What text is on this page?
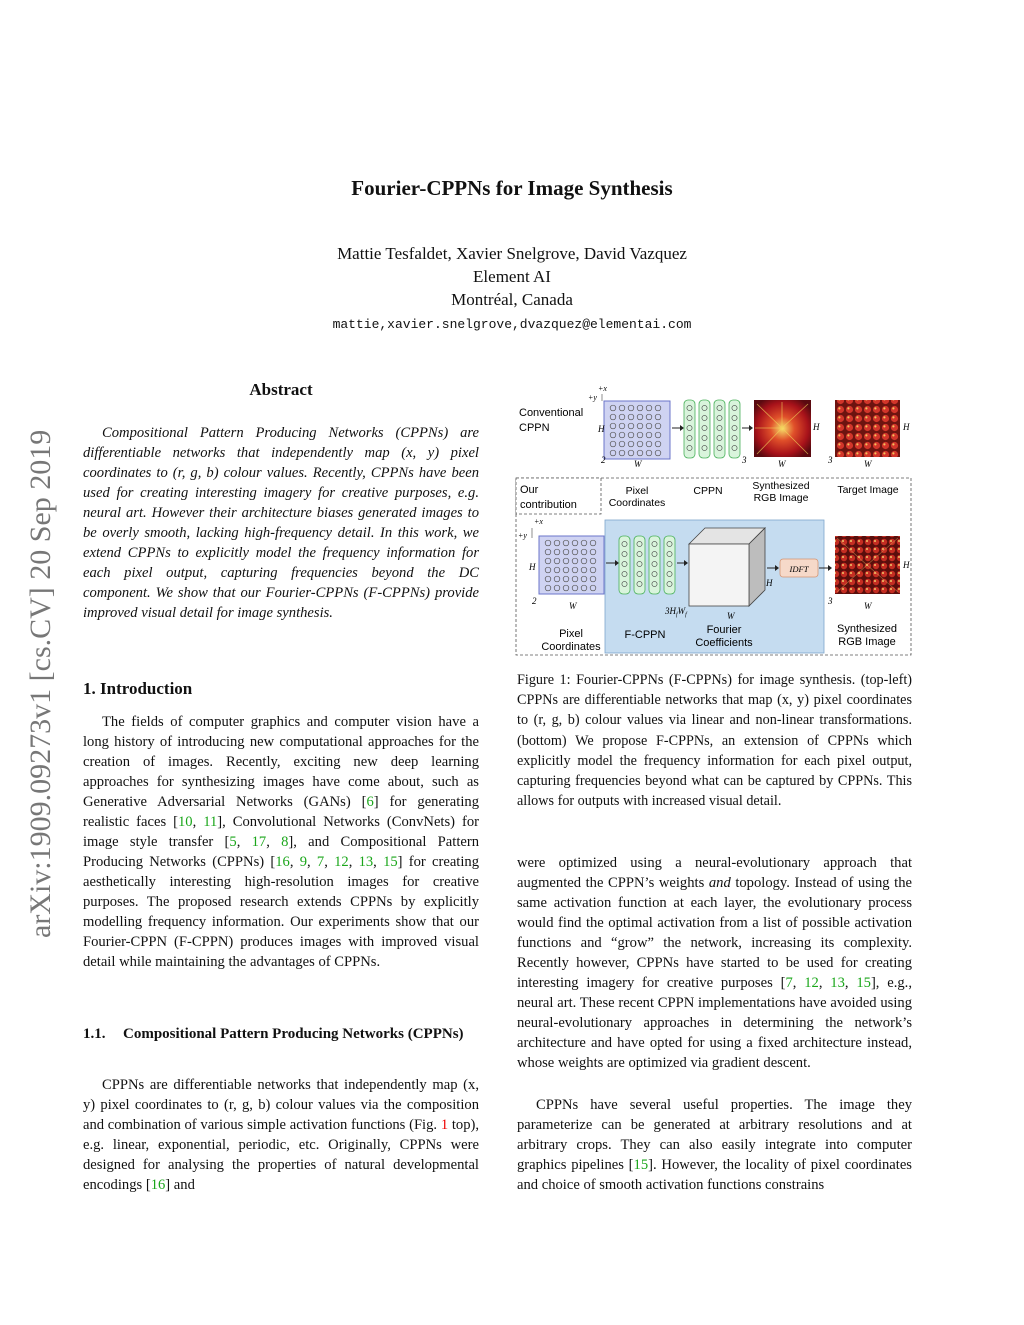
Fourier-CPPNs for Image Synthesis
Mattie Tesfaldet, Xavier Snelgrove, David Vazquez
Element AI
Montréal, Canada
mattie,xavier.snelgrove,dvazquez@elementai.com
arXiv:1909.09273v1 [cs.CV] 20 Sep 2019
Abstract

Compositional Pattern Producing Networks (CPPNs) are differentiable networks that independently map (x, y) pixel coordinates to (r, g, b) colour values. Recently, CPPNs have been used for creating interesting imagery for creative purposes, e.g. neural art. However their architecture biases generated images to be overly smooth, lacking high-frequency detail. In this work, we extend CPPNs to explicitly model the frequency information for each pixel output, capturing frequencies beyond the DC component. We show that our Fourier-CPPNs (F-CPPNs) provide improved visual detail for image synthesis.

1. Introduction

The fields of computer graphics and computer vision have a long history of introducing new computational approaches for the creation of images. Recently, exciting new deep learning approaches for synthesizing images have come about, such as Generative Adversarial Networks (GANs) [6] for generating realistic faces [10, 11], Convolutional Networks (ConvNets) for image style transfer [5, 17, 8], and Compositional Pattern Producing Networks (CPPNs) [16, 9, 7, 12, 13, 15] for creating aesthetically interesting high-resolution images for creative purposes. The proposed research extends CPPNs by explicitly modelling frequency information. Our experiments show that our Fourier-CPPN (F-CPPN) produces images with improved visual detail while maintaining the advantages of CPPNs.

1.1.	Compositional Pattern Producing Networks (CPPNs)

CPPNs are differentiable networks that independently map (x, y) pixel coordinates to (r, g, b) colour values via the composition and combination of various simple activation functions (Fig. 1 top), e.g. linear, exponential, periodic, etc. Originally, CPPNs were designed for analysing the properties of natural developmental encodings [16] and

Conventional
CPPN
+x
+y
H
2	W
H
3	W
H
3	W
Our
contribution
Pixel
Coordinates
CPPN	Synthesized
RGB Image
Target Image
+x
+y
H
2	W	$3H_fW_f$	W
H
IDFT	H
3	W
Pixel
Coordinates
F-CPPN	Fourier
Coefficients
Synthesized
RGB Image

Figure 1: Fourier-CPPNs (F-CPPNs) for image synthesis. (top-left) CPPNs are differentiable networks that map (x, y) pixel coordinates to (r, g, b) colour values via linear and non-linear transformations. (bottom) We propose F-CPPNs, an extension of CPPNs which explicitly model the frequency information for each pixel output, capturing frequencies beyond what can be captured by CPPNs. This allows for outputs with increased visual detail.

were optimized using a neural-evolutionary approach that augmented the CPPN’s weights and topology. Instead of using the same activation function at each layer, the evolutionary process would find the optimal activation from a list of possible activation functions and “grow” the network, increasing its complexity. Recently however, CPPNs have started to be used for creating interesting imagery for creative purposes [7, 12, 13, 15], e.g., neural art. These recent CPPN implementations have avoided using neural-evolutionary approaches in determining the network’s architecture and have opted for using a fixed architecture instead, whose weights are optimized via gradient descent.

CPPNs have several useful properties. The image they parameterize can be generated at arbitrary resolutions and at arbitrary crops. They can also easily integrate into computer graphics pipelines [15]. However, the locality of pixel coordinates and choice of smooth activation functions constrains
